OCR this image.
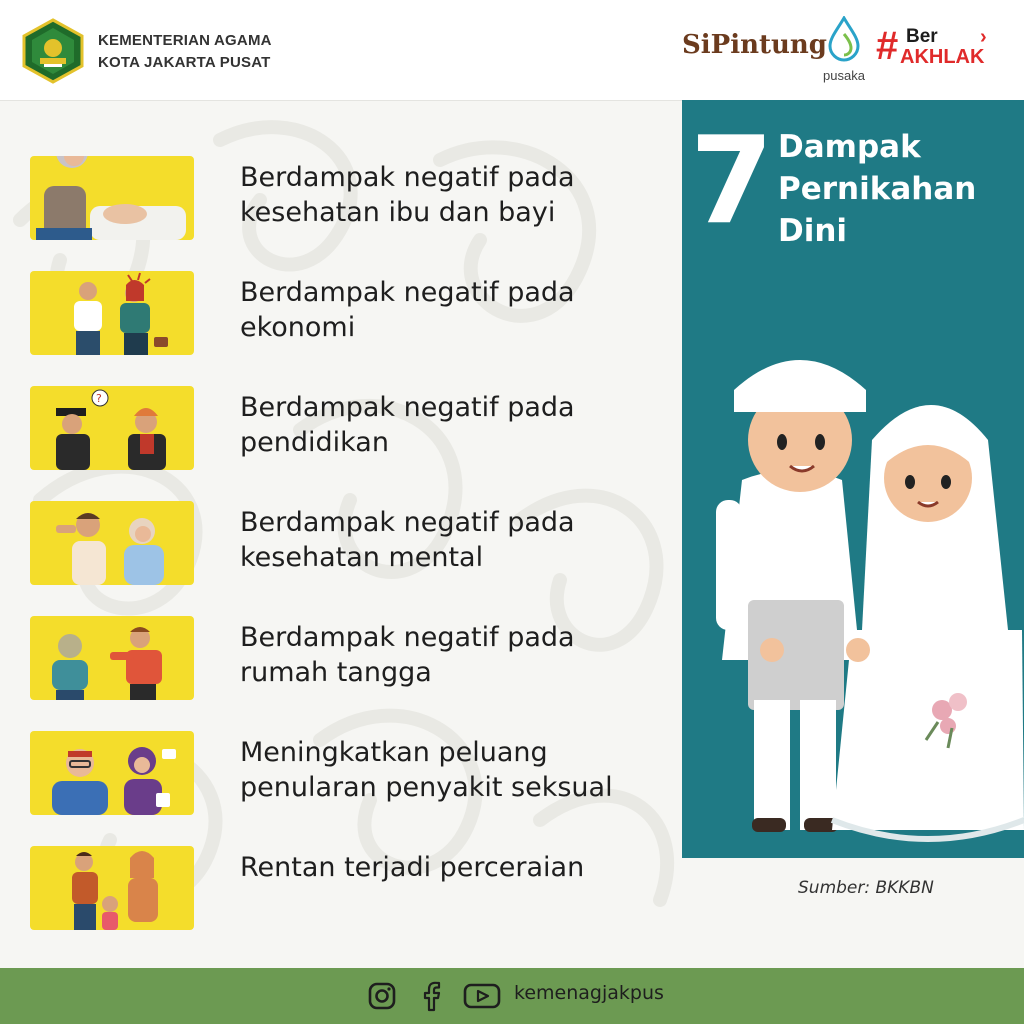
KEMENTERIAN AGAMA
KOTA JAKARTA PUSAT
SiPintung
pusaka
# Ber
AKHLAK
›
Berdampak negatif pada
kesehatan ibu dan bayi
Berdampak negatif pada
ekonomi
?	Berdampak negatif pada
pendidikan
Berdampak negatif pada
kesehatan mental
Berdampak negatif pada
rumah tangga
Meningkatkan peluang
penularan penyakit seksual
Rentan terjadi perceraian
7 Dampak
Pernikahan
Dini
Sumber: BKKBN
kemenagjakpus
